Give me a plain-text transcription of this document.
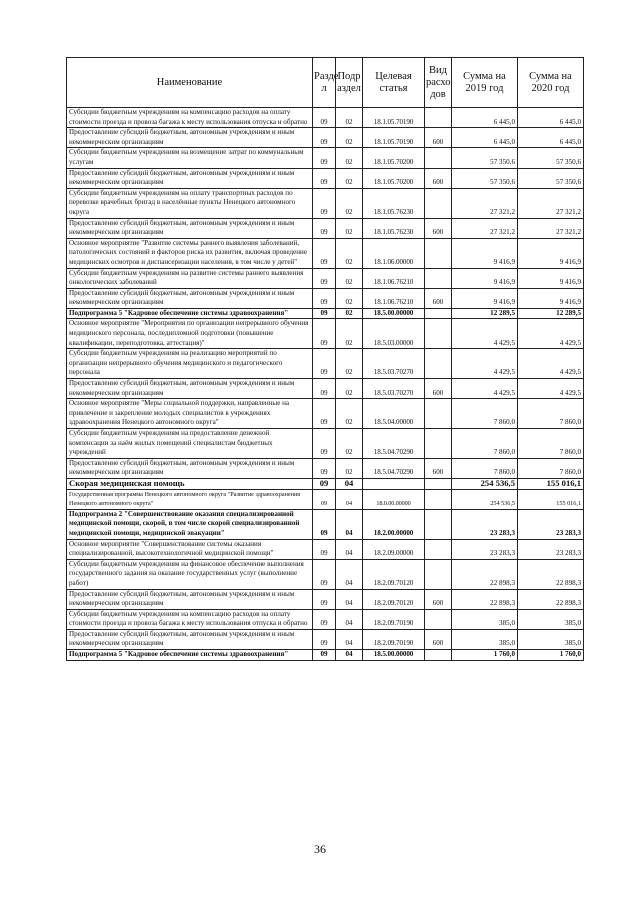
Наименование	Разде л	Подр аздел	Целевая статья	Вид расхо дов	Сумма на 2019 год	Сумма на 2020 год
Субсидии бюджетным учреждениям на компенсацию расходов на оплату стоимости проезда и провоза багажа к месту использования отпуска и обратно	09	02	18.1.05.70190		6 445,0	6 445,0
Предоставление субсидий бюджетным, автономным учреждениям и иным некоммерческим организациям	09	02	18.1.05.70190	600	6 445,0	6 445,0
Субсидии бюджетным учреждениям на возмещение затрат по коммунальным услугам	09	02	18.1.05.70200		57 350,6	57 350,6
Предоставление субсидий бюджетным, автономным учреждениям и иным некоммерческим организациям	09	02	18.1.05.70200	600	57 350,6	57 350,6
Субсидии бюджетным учреждениям на оплату транспортных расходов по перевозке врачебных бригад в населённые пункты Ненецкого автономного округа	09	02	18.1.05.76230		27 321,2	27 321,2
Предоставление субсидий бюджетным, автономным учреждениям и иным некоммерческим организациям	09	02	18.1.05.76230	600	27 321,2	27 321,2
Основное мероприятие "Развитие системы раннего выявления заболеваний, патологических состояний и факторов риска их развития, включая проведение медицинских осмотров и диспансеризации населения, в том числе у детей"	09	02	18.1.06.00000		9 416,9	9 416,9
Субсидии бюджетным учреждениям на развитие системы раннего выявления онкологических заболеваний	09	02	18.1.06.76210		9 416,9	9 416,9
Предоставление субсидий бюджетным, автономным учреждениям и иным некоммерческим организациям	09	02	18.1.06.76210	600	9 416,9	9 416,9
Подпрограмма 5 "Кадровое обеспечение системы здравоохранения"	09	02	18.5.00.00000		12 289,5	12 289,5
Основное мероприятие "Мероприятия по организации непрерывного обучения медицинского персонала, последипломной подготовки (повышение квалификации, переподготовка, аттестация)"	09	02	18.5.03.00000		4 429,5	4 429,5
Субсидии бюджетным учреждениям на реализацию мероприятий по организации непрерывного обучения медицинского и педагогического персонала	09	02	18.5.03.70270		4 429,5	4 429,5
Предоставление субсидий бюджетным, автономным учреждениям и иным некоммерческим организациям	09	02	18.5.03.70270	600	4 429,5	4 429,5
Основное мероприятие "Меры социальной поддержки, направленные на привлечение и закрепление молодых специалистов в учреждениях здравоохранения Ненецкого автономного округа"	09	02	18.5.04.00000		7 860,0	7 860,0
Субсидии бюджетным учреждениям на предоставление денежной компенсации за наём жилых помещений специалистам бюджетных учреждений	09	02	18.5.04.70290		7 860,0	7 860,0
Предоставление субсидий бюджетным, автономным учреждениям и иным некоммерческим организациям	09	02	18.5.04.70290	600	7 860,0	7 860,0
Скорая медицинская помощь	09	04			254 536,5	155 016,1
Государственная программа Ненецкого автономного округа "Развитие здравоохранения Ненецкого автономного округа"	09	04	18.0.00.00000		254 536,5	155 016,1
Подпрограмма 2 "Совершенствование оказания специализированной медицинской помощи, скорой, в том числе скорой специализированной медицинской помощи, медицинской эвакуации"	09	04	18.2.00.00000		23 283,3	23 283,3
Основное мероприятие "Совершенствование системы оказания специализированной, высокотехнологичной медицинской помощи"	09	04	18.2.09.00000		23 283,3	23 283,3
Субсидии бюджетным учреждениям на финансовое обеспечение выполнения государственного задания на оказание государственных услуг (выполнение работ)	09	04	18.2.09.70120		22 898,3	22 898,3
Предоставление субсидий бюджетным, автономным учреждениям и иным некоммерческим организациям	09	04	18.2.09.70120	600	22 898,3	22 898,3
Субсидии бюджетным учреждениям на компенсацию расходов на оплату стоимости проезда и провоза багажа к месту использования отпуска и обратно	09	04	18.2.09.70190		385,0	385,0
Предоставление субсидий бюджетным, автономным учреждениям и иным некоммерческим организациям	09	04	18.2.09.70190	600	385,0	385,0
Подпрограмма 5 "Кадровое обеспечение системы здравоохранения"	09	04	18.5.00.00000		1 760,0	1 760,0
36
